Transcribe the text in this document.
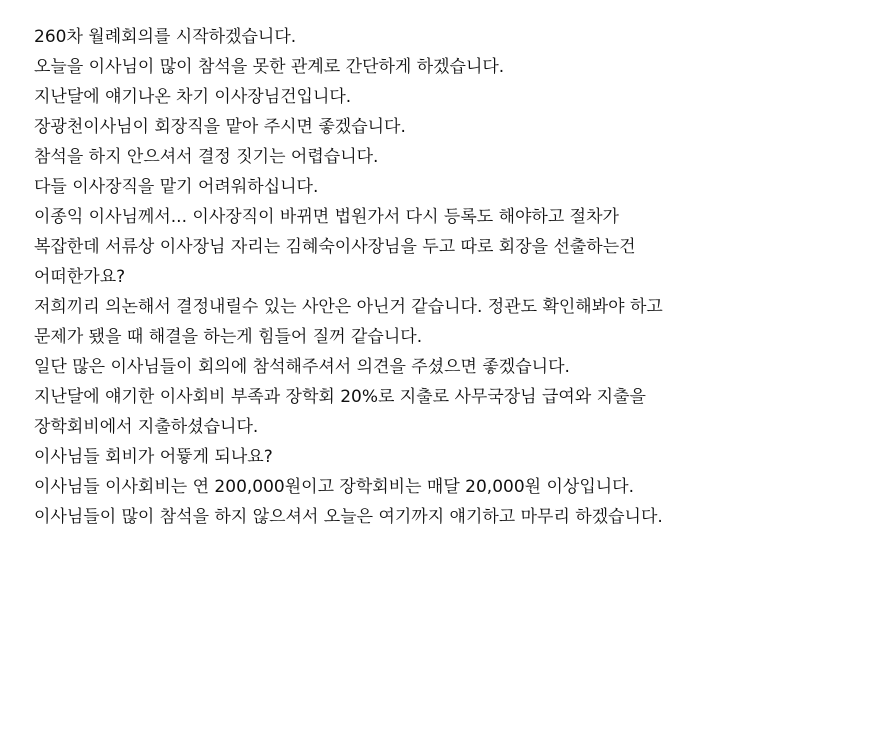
260차 월례회의를 시작하겠습니다.
오늘을 이사님이 많이 참석을 못한 관계로 간단하게 하겠습니다.
지난달에 얘기나온 차기 이사장님건입니다.
장광천이사님이 회장직을 맡아 주시면 좋겠습니다.
참석을 하지 안으셔서 결정 짓기는 어렵습니다.
다들 이사장직을 맡기 어려워하십니다.
이종익 이사님께서... 이사장직이 바뀌면 법원가서 다시 등록도 해야하고 절차가
복잡한데 서류상 이사장님 자리는 김혜숙이사장님을 두고 따로 회장을 선출하는건
어떠한가요?
저희끼리 의논해서 결정내릴수 있는 사안은 아닌거 같습니다. 정관도 확인해봐야 하고
문제가 됐을 때 해결을 하는게 힘들어 질꺼 같습니다.
일단 많은 이사님들이 회의에 참석해주셔서 의견을 주셨으면 좋겠습니다.
지난달에 얘기한 이사회비 부족과 장학회 20%로 지출로 사무국장님 급여와 지출을
장학회비에서 지출하셨습니다.
이사님들 회비가 어뜧게 되나요?
이사님들 이사회비는 연 200,000원이고 장학회비는 매달 20,000원 이상입니다.
이사님들이 많이 참석을 하지 않으셔서 오늘은 여기까지 얘기하고 마무리 하겠습니다.
